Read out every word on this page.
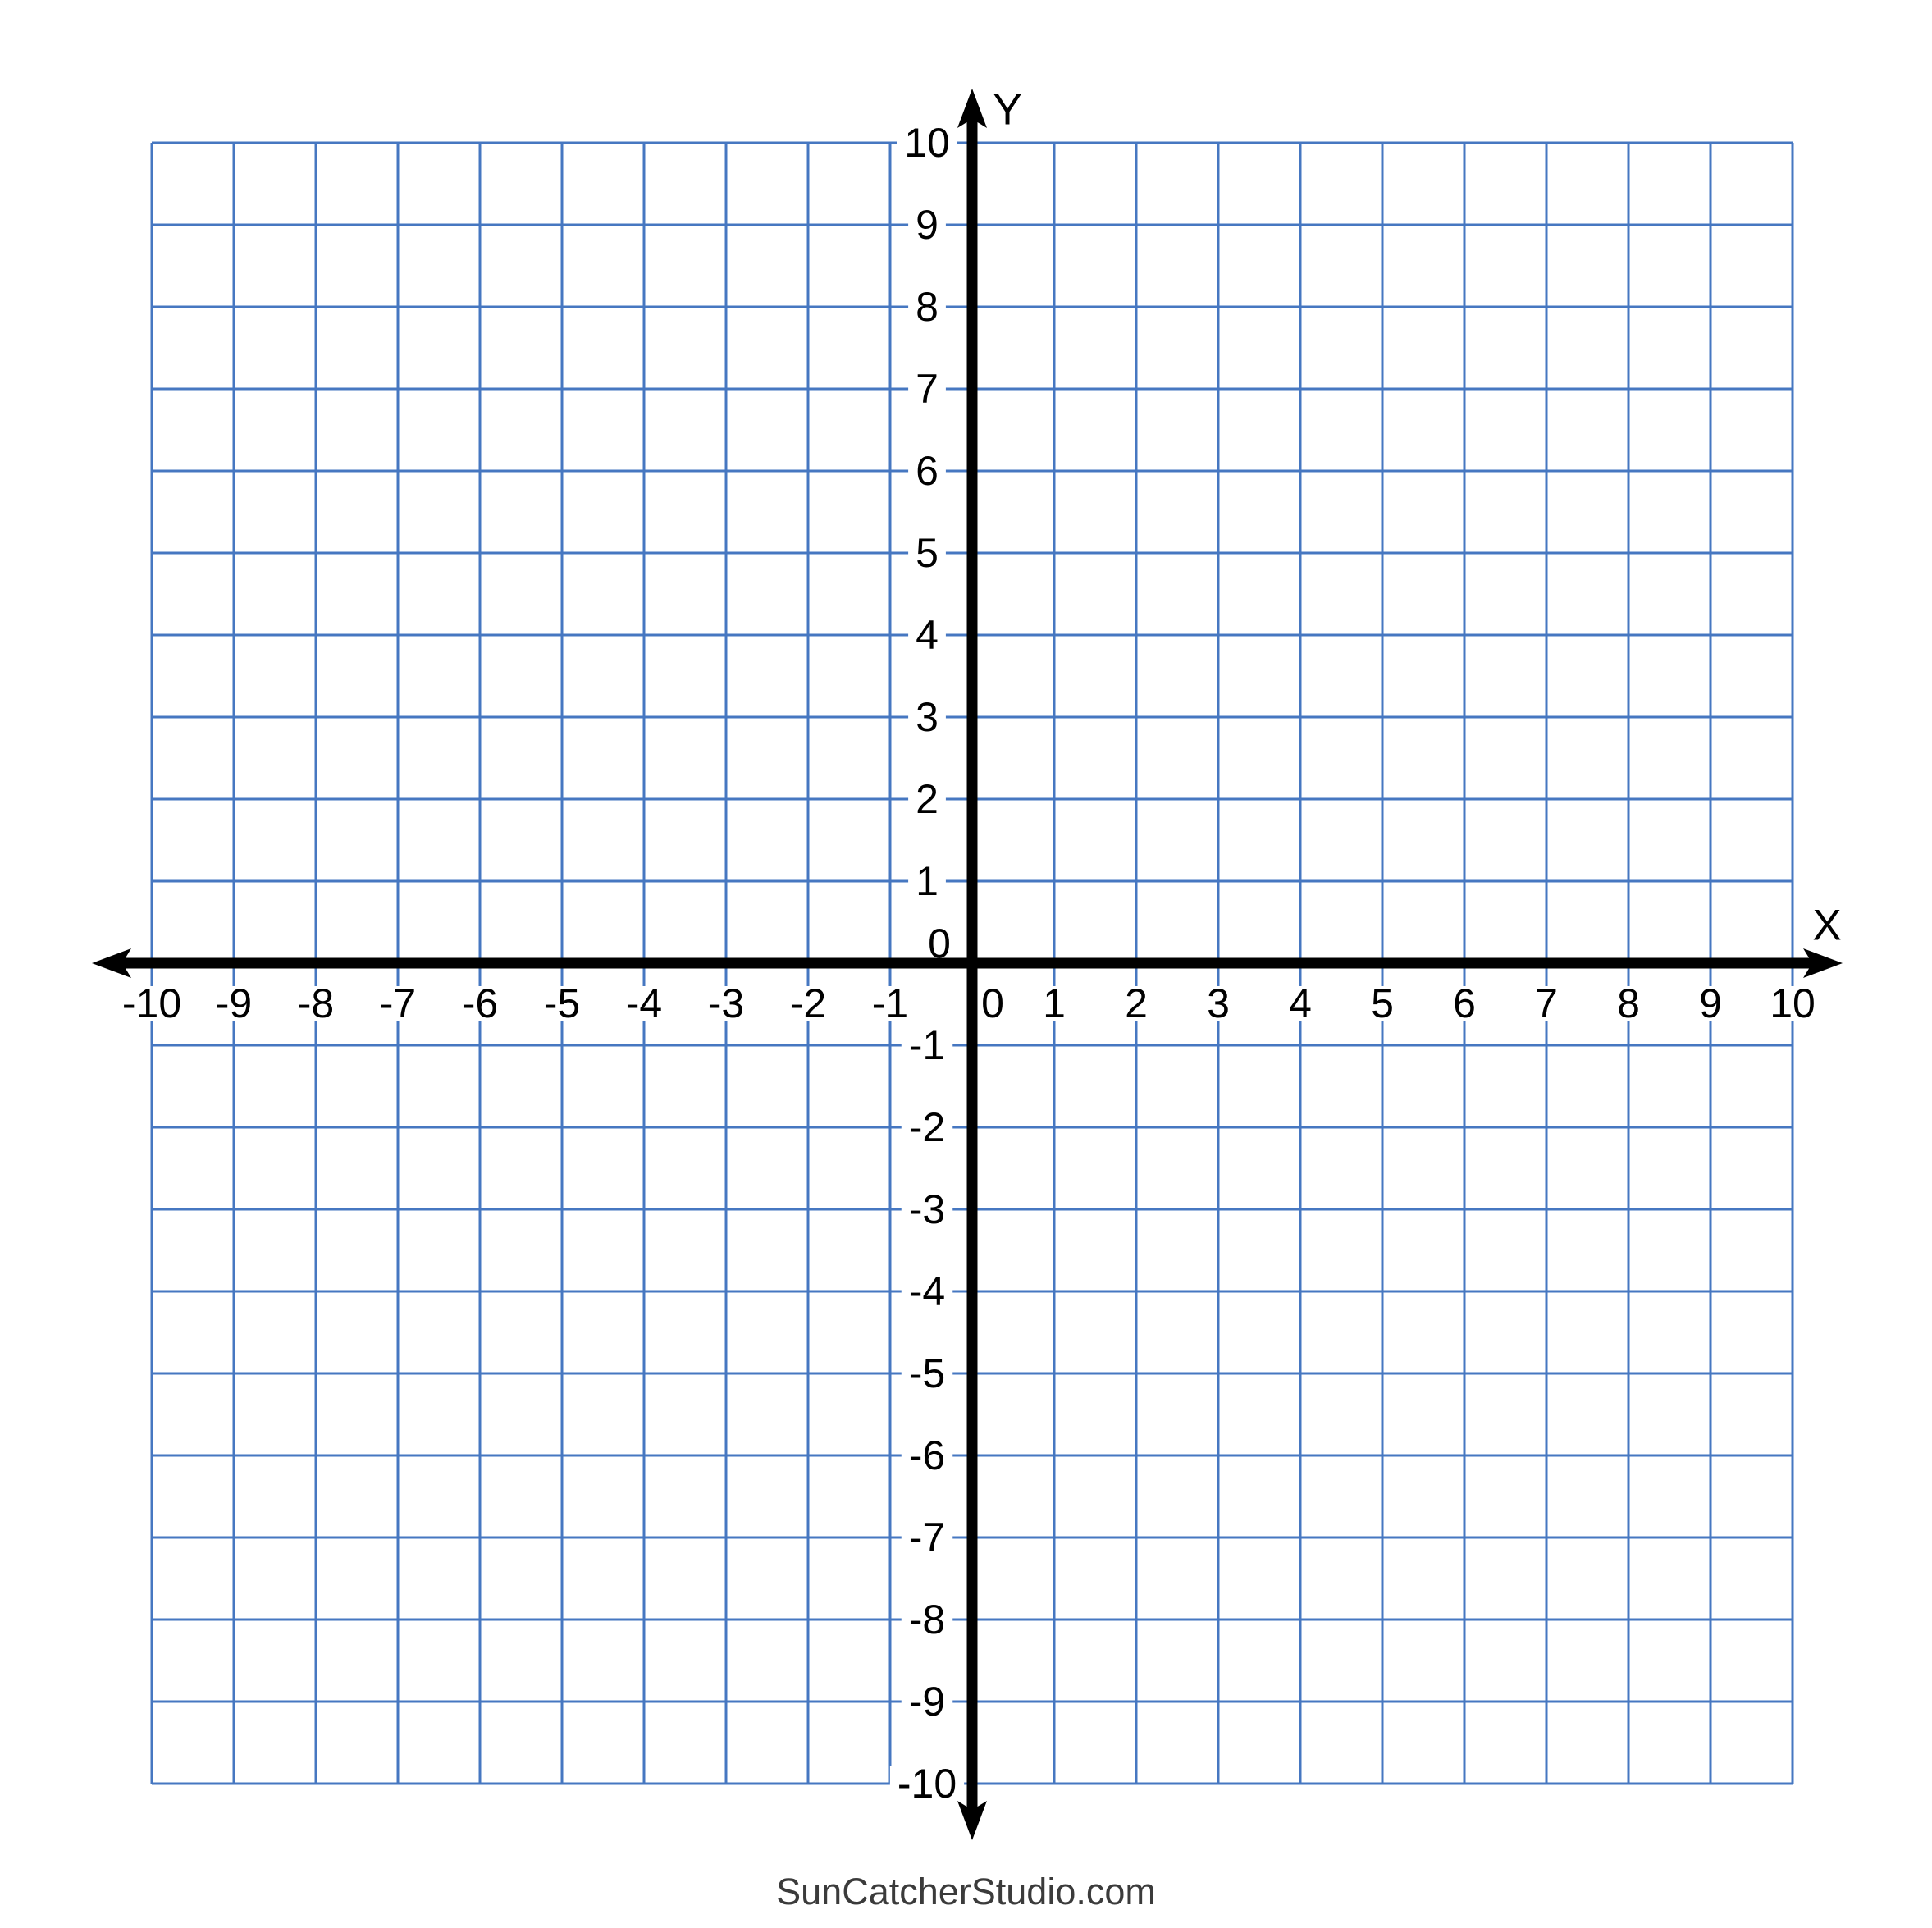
-10 -9 -8 -7 -6 -5 -4 -3 -2 -1 0 1 2 3 4 5 6 7 8 9 10
10
9
8
7
6
5
4
3
2
1
0
-1
-2
-3
-4
-5
-6
-7
-8
-9
-10
X
Y
SunCatcherStudio.com
